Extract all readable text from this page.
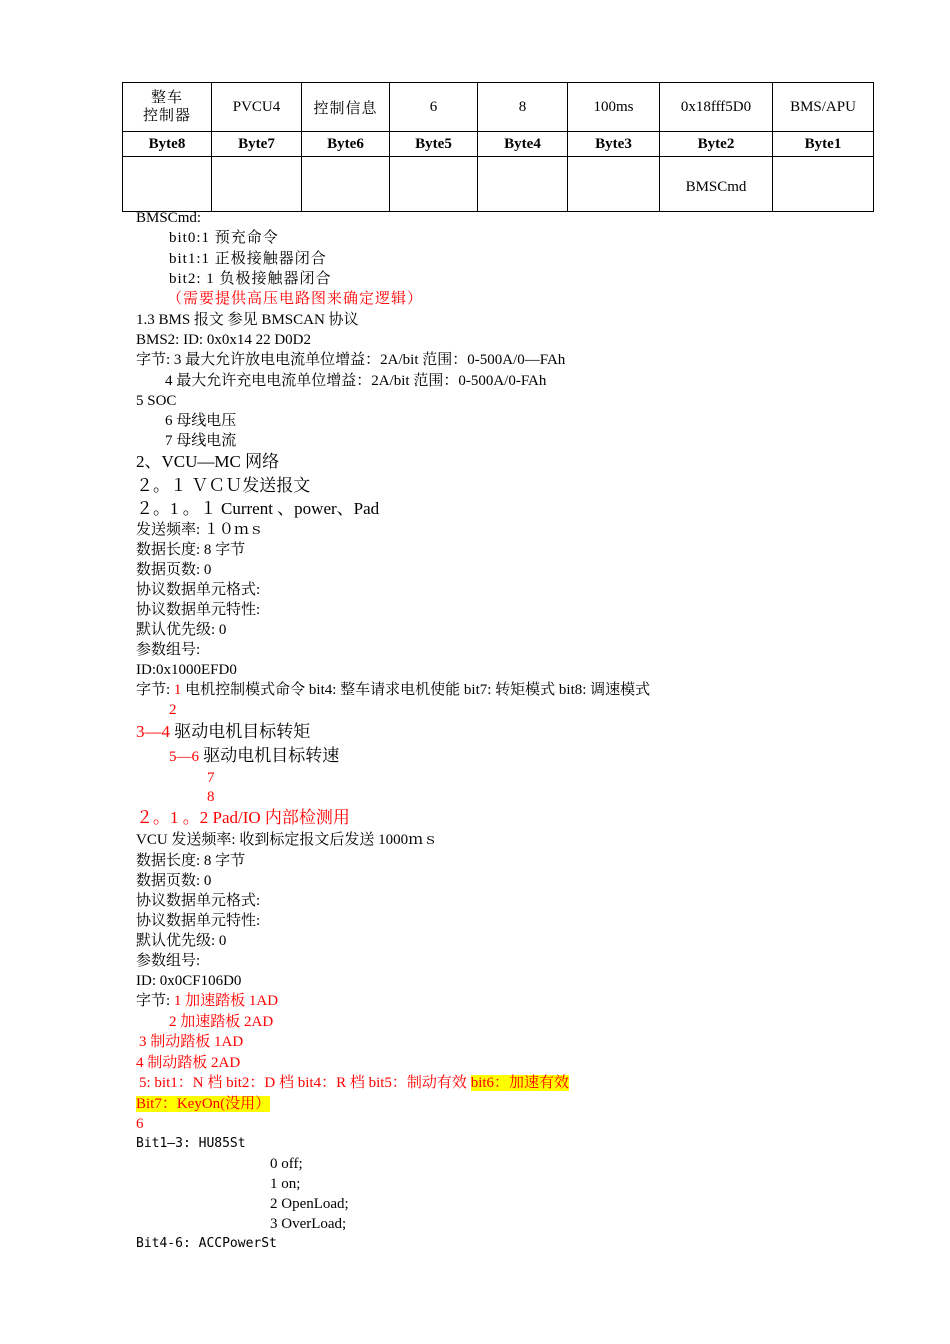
整车
控制器	PVCU4	控制信息	6	8	100ms	0x18fff5D0	BMS/APU
Byte8	Byte7	Byte6	Byte5	Byte4	Byte3	Byte2	Byte1
						BMSCmd	
BMSCmd:
bit0:1 预充命令
bit1:1 正极接触器闭合
bit2: 1 负极接触器闭合
（需要提供高压电路图来确定逻辑）
1.3 BMS 报文 参见 BMSCAN 协议
BMS2: ID: 0x0x14 22 D0D2
字节: 3 最大允许放电电流单位增益：2A/bit 范围：0-500A/0—FAh
4 最大允许充电电流单位增益：2A/bit 范围：0-500A/0-FAh
5 SOC
6 母线电压
7 母线电流
2、VCU—MC 网络
２。１ ＶＣＵ发送报文
２。1 。１ Current 、power、Pad
发送频率: １０ｍｓ
数据长度: 8 字节
数据页数: 0
协议数据单元格式:
协议数据单元特性:
默认优先级: 0
参数组号:
ID:0x1000EFD0
字节: 1 电机控制模式命令 bit4: 整车请求电机使能 bit7: 转矩模式 bit8: 调速模式
2
3—4 驱动电机目标转矩
5—6 驱动电机目标转速
7
8
２。1 。2 Pad/IO 内部检测用
VCU 发送频率: 收到标定报文后发送 1000ｍｓ
数据长度: 8 字节
数据页数: 0
协议数据单元格式:
协议数据单元特性:
默认优先级: 0
参数组号:
ID: 0x0CF106D0
字节: 1 加速踏板 1AD
2 加速踏板 2AD
3 制动踏板 1AD
4 制动踏板 2AD
5: bit1：N 档 bit2：D 档 bit4：R 档 bit5：制动有效 bit6：加速有效
Bit7：KeyOn(没用）
6
Bit1—3: HU85St
0 off;
1 on;
2 OpenLoad;
3 OverLoad;
Bit4-6: ACCPowerSt
